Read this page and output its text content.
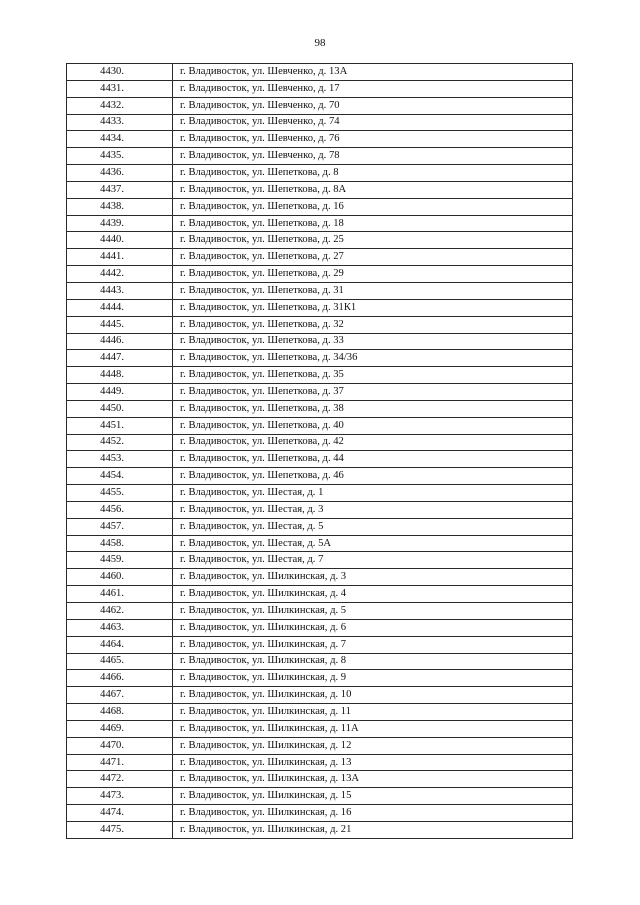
98
4430.	г. Владивосток, ул. Шевченко, д. 13А
4431.	г. Владивосток, ул. Шевченко, д. 17
4432.	г. Владивосток, ул. Шевченко, д. 70
4433.	г. Владивосток, ул. Шевченко, д. 74
4434.	г. Владивосток, ул. Шевченко, д. 76
4435.	г. Владивосток, ул. Шевченко, д. 78
4436.	г. Владивосток, ул. Шепеткова, д. 8
4437.	г. Владивосток, ул. Шепеткова, д. 8А
4438.	г. Владивосток, ул. Шепеткова, д. 16
4439.	г. Владивосток, ул. Шепеткова, д. 18
4440.	г. Владивосток, ул. Шепеткова, д. 25
4441.	г. Владивосток, ул. Шепеткова, д. 27
4442.	г. Владивосток, ул. Шепеткова, д. 29
4443.	г. Владивосток, ул. Шепеткова, д. 31
4444.	г. Владивосток, ул. Шепеткова, д. 31К1
4445.	г. Владивосток, ул. Шепеткова, д. 32
4446.	г. Владивосток, ул. Шепеткова, д. 33
4447.	г. Владивосток, ул. Шепеткова, д. 34/36
4448.	г. Владивосток, ул. Шепеткова, д. 35
4449.	г. Владивосток, ул. Шепеткова, д. 37
4450.	г. Владивосток, ул. Шепеткова, д. 38
4451.	г. Владивосток, ул. Шепеткова, д. 40
4452.	г. Владивосток, ул. Шепеткова, д. 42
4453.	г. Владивосток, ул. Шепеткова, д. 44
4454.	г. Владивосток, ул. Шепеткова, д. 46
4455.	г. Владивосток, ул. Шестая, д. 1
4456.	г. Владивосток, ул. Шестая, д. 3
4457.	г. Владивосток, ул. Шестая, д. 5
4458.	г. Владивосток, ул. Шестая, д. 5А
4459.	г. Владивосток, ул. Шестая, д. 7
4460.	г. Владивосток, ул. Шилкинская, д. 3
4461.	г. Владивосток, ул. Шилкинская, д. 4
4462.	г. Владивосток, ул. Шилкинская, д. 5
4463.	г. Владивосток, ул. Шилкинская, д. 6
4464.	г. Владивосток, ул. Шилкинская, д. 7
4465.	г. Владивосток, ул. Шилкинская, д. 8
4466.	г. Владивосток, ул. Шилкинская, д. 9
4467.	г. Владивосток, ул. Шилкинская, д. 10
4468.	г. Владивосток, ул. Шилкинская, д. 11
4469.	г. Владивосток, ул. Шилкинская, д. 11А
4470.	г. Владивосток, ул. Шилкинская, д. 12
4471.	г. Владивосток, ул. Шилкинская, д. 13
4472.	г. Владивосток, ул. Шилкинская, д. 13А
4473.	г. Владивосток, ул. Шилкинская, д. 15
4474.	г. Владивосток, ул. Шилкинская, д. 16
4475.	г. Владивосток, ул. Шилкинская, д. 21
